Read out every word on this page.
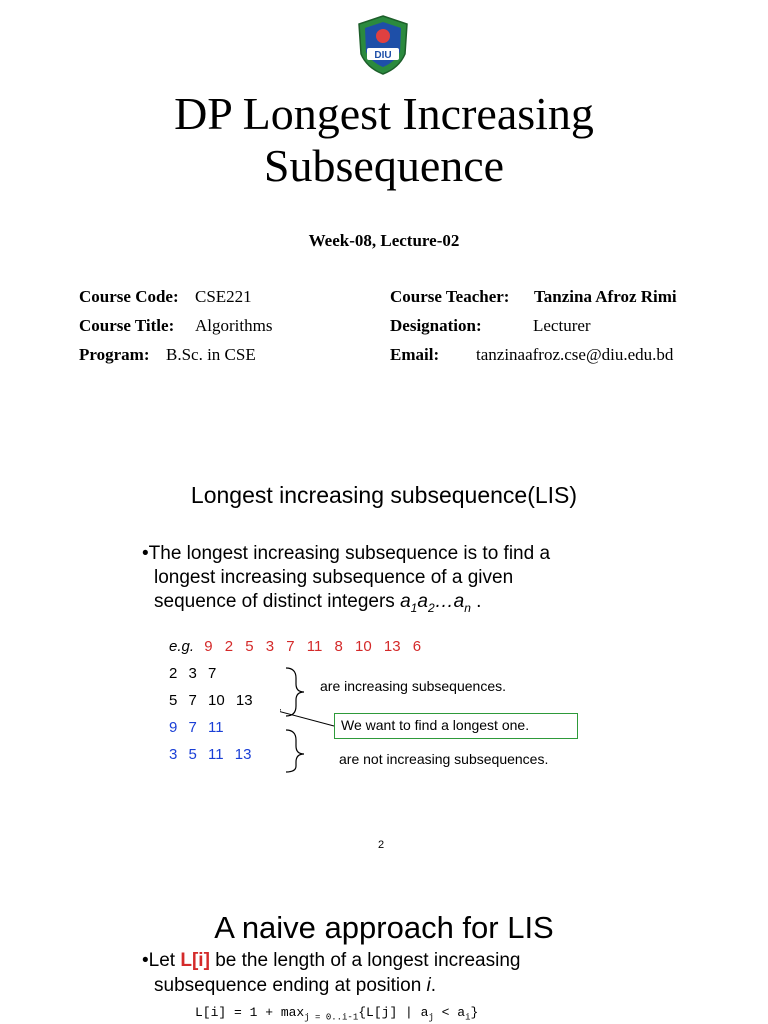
DIU
DP Longest Increasing
Subsequence
Week-08, Lecture-02
Course Code: CSE221
Course Title: Algorithms
Program: B.Sc. in CSE
Course Teacher: Tanzina Afroz Rimi
Designation:	Lecturer
Email: tanzinaafroz.cse@diu.edu.bd
Longest increasing subsequence(LIS)
•The longest increasing subsequence is to find a
longest increasing subsequence of a given
sequence of distinct integers $a_1a_2\dots a_n$ .
e.g. 9 2 5 3 7 11 8 10 13 6
2 3 7
5 7 10 13
9 7 11
3 5 11 13
are increasing subsequences.
We want to find a longest one.
are not increasing subsequences.
2
A naive approach for LIS
•Let L[i] be the length of a longest increasing
subsequence ending at position i.
$L[i] = 1 + \max_{j = 0..i-1}\{L[j]$ | $a_j < a_i$}
